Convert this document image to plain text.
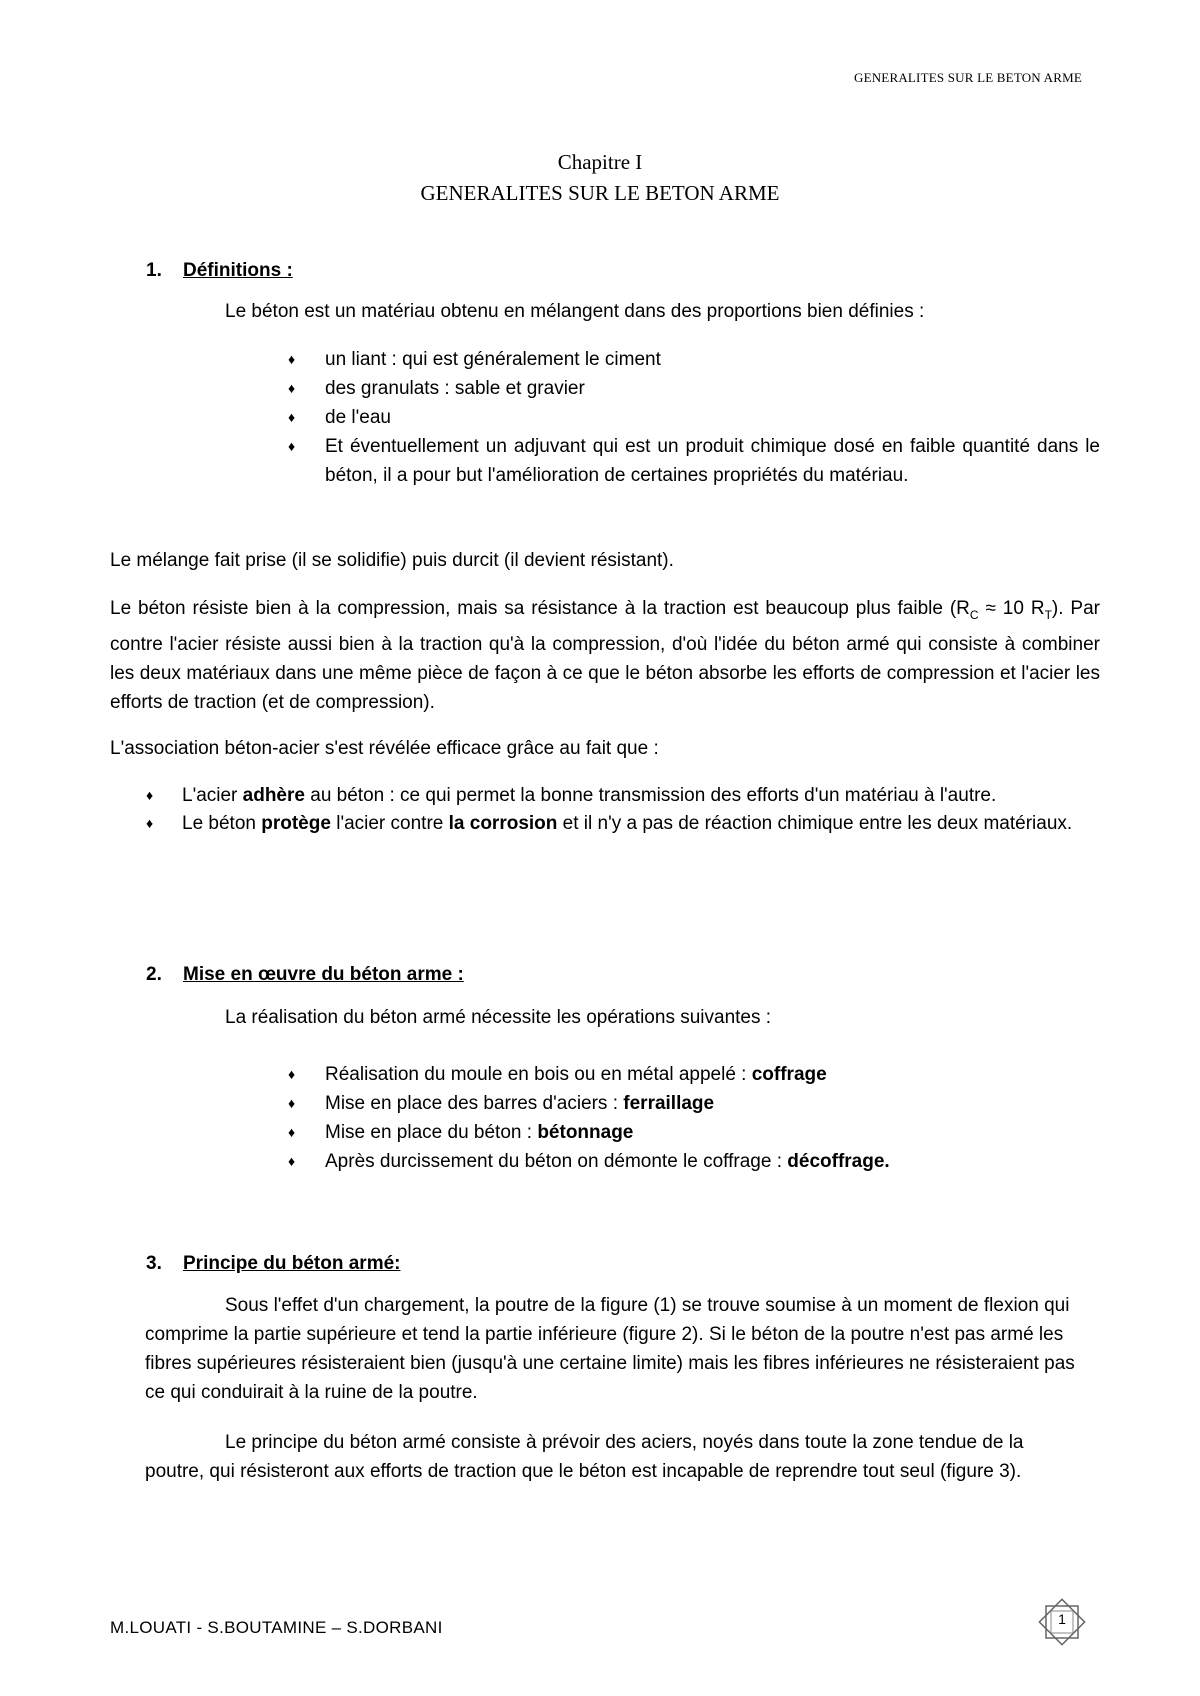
GENERALITES SUR LE BETON ARME
Chapitre I
GENERALITES SUR LE BETON ARME
1. Définitions :
Le béton est un matériau obtenu en mélangent dans des proportions bien définies :
♦ un liant : qui est généralement le ciment
♦ des granulats : sable et gravier
♦ de l'eau
♦ Et éventuellement un adjuvant qui est un produit chimique dosé en faible quantité dans le béton, il a pour but l'amélioration de certaines propriétés du matériau.
Le mélange fait prise (il se solidifie) puis durcit (il devient résistant).
Le béton résiste bien à la compression, mais sa résistance à la traction est beaucoup plus faible ($R_C \approx 10$ $R_T$). Par contre l'acier résiste aussi bien à la traction qu'à la compression, d'où l'idée du béton armé qui consiste à combiner les deux matériaux dans une même pièce de façon à ce que le béton absorbe les efforts de compression et l'acier les efforts de traction (et de compression).
L'association béton-acier s'est révélée efficace grâce au fait que :
♦ L'acier adhère au béton : ce qui permet la bonne transmission des efforts d'un matériau à l'autre.
♦ Le béton protège l'acier contre la corrosion et il n'y a pas de réaction chimique entre les deux matériaux.
2. Mise en œuvre du béton arme :
La réalisation du béton armé nécessite les opérations suivantes :
♦ Réalisation du moule en bois ou en métal appelé : coffrage
♦ Mise en place des barres d'aciers : ferraillage
♦ Mise en place du béton : bétonnage
♦ Après durcissement du béton on démonte le coffrage : décoffrage.
3. Principe du béton armé:
Sous l'effet d'un chargement, la poutre de la figure (1) se trouve soumise à un moment de flexion qui comprime la partie supérieure et tend la partie inférieure (figure 2). Si le béton de la poutre n'est pas armé les fibres supérieures résisteraient bien (jusqu'à une certaine limite) mais les fibres inférieures ne résisteraient pas ce qui conduirait à la ruine de la poutre.
Le principe du béton armé consiste à prévoir des aciers, noyés dans toute la zone tendue de la poutre, qui résisteront aux efforts de traction que le béton est incapable de reprendre tout seul (figure 3).
M.LOUATI - S.BOUTAMINE – S.DORBANI	1
